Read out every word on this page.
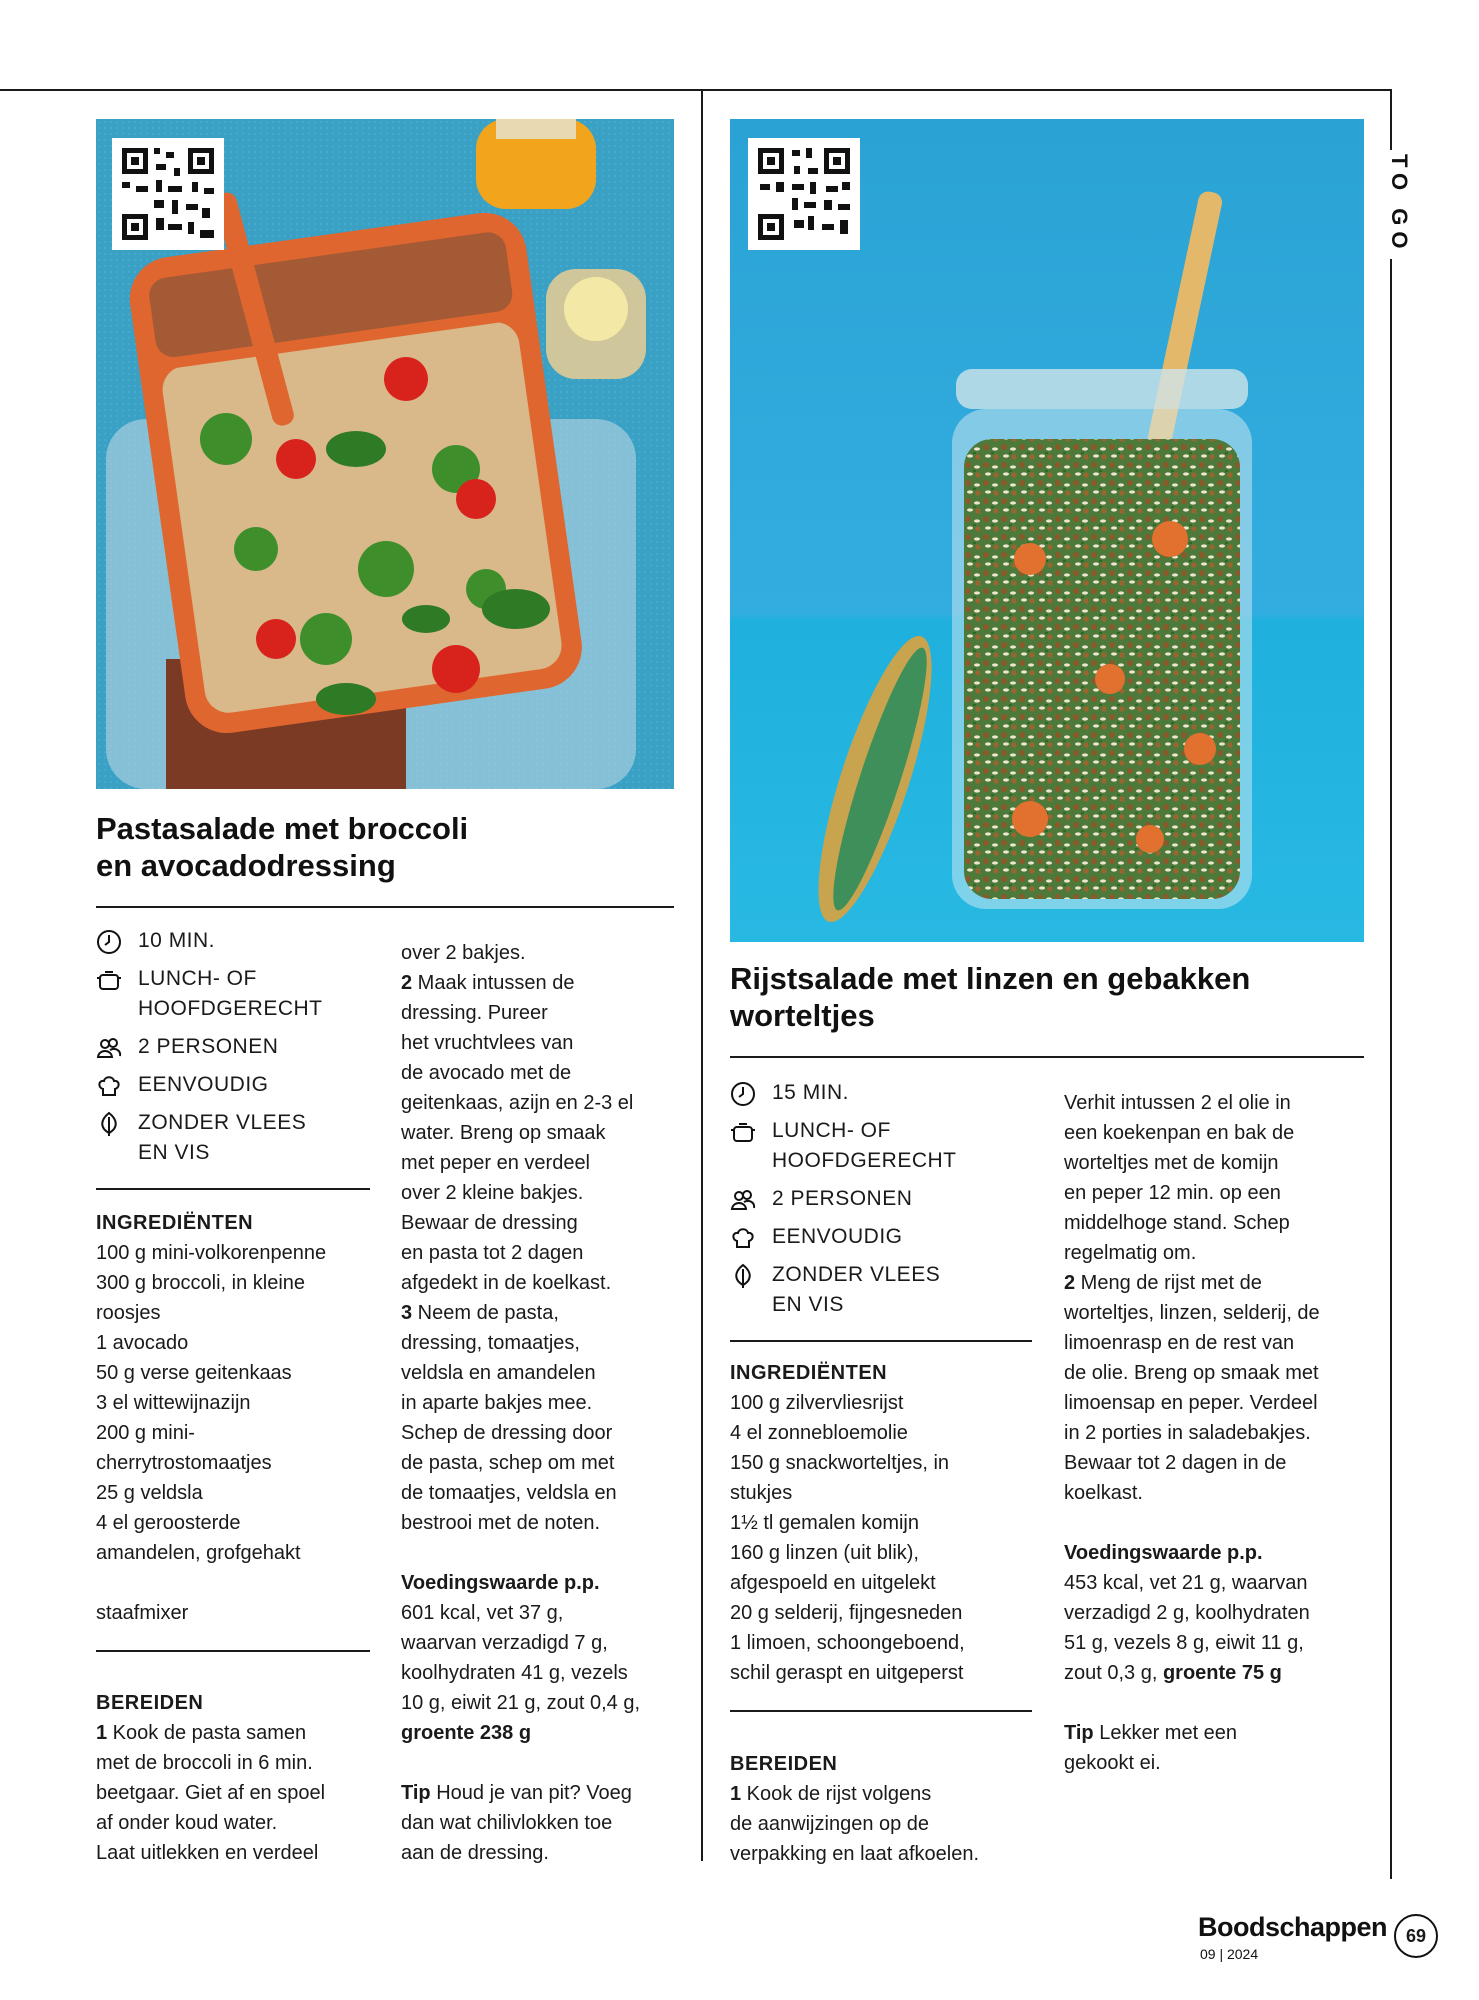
TO GO
Pastasalade met broccoli
en avocadodressing
10 MIN.
LUNCH- OF
HOOFDGERECHT
2 PERSONEN
EENVOUDIG
ZONDER VLEES
EN VIS

INGREDIËNTEN

100 g mini-volkorenpenne

300 g broccoli, in kleine

roosjes

1 avocado

50 g verse geitenkaas

3 el wittewijnazijn

200 g mini-

cherrytrostomaatjes

25 g veldsla

4 el geroosterde

amandelen, grofgehakt

staafmixer

BEREIDEN

1 Kook de pasta samen

met de broccoli in 6 min.

beetgaar. Giet af en spoel

af onder koud water.

Laat uitlekken en verdeel

over 2 bakjes.

2 Maak intussen de

dressing. Pureer

het vruchtvlees van

de avocado met de

geitenkaas, azijn en 2-3 el

water. Breng op smaak

met peper en verdeel

over 2 kleine bakjes.

Bewaar de dressing

en pasta tot 2 dagen

afgedekt in de koelkast.

3 Neem de pasta,

dressing, tomaatjes,

veldsla en amandelen

in aparte bakjes mee.

Schep de dressing door

de pasta, schep om met

de tomaatjes, veldsla en

bestrooi met de noten.

Voedingswaarde p.p.

601 kcal, vet 37 g,

waarvan verzadigd 7 g,

koolhydraten 41 g, vezels

10 g, eiwit 21 g, zout 0,4 g,

groente 238 g

Tip Houd je van pit? Voeg

dan wat chilivlokken toe

aan de dressing.

Rijstsalade met linzen en gebakken
worteltjes
15 MIN.
LUNCH- OF
HOOFDGERECHT
2 PERSONEN
EENVOUDIG
ZONDER VLEES
EN VIS

INGREDIËNTEN

100 g zilvervliesrijst

4 el zonnebloemolie

150 g snackworteltjes, in

stukjes

1½ tl gemalen komijn

160 g linzen (uit blik),

afgespoeld en uitgelekt

20 g selderij, fijngesneden

1 limoen, schoongeboend,

schil geraspt en uitgeperst

BEREIDEN

1 Kook de rijst volgens

de aanwijzingen op de

verpakking en laat afkoelen.

Verhit intussen 2 el olie in

een koekenpan en bak de

worteltjes met de komijn

en peper 12 min. op een

middelhoge stand. Schep

regelmatig om.

2 Meng de rijst met de

worteltjes, linzen, selderij, de

limoenrasp en de rest van

de olie. Breng op smaak met

limoensap en peper. Verdeel

in 2 porties in saladebakjes.

Bewaar tot 2 dagen in de

koelkast.

Voedingswaarde p.p.

453 kcal, vet 21 g, waarvan

verzadigd 2 g, koolhydraten

51 g, vezels 8 g, eiwit 11 g,

zout 0,3 g, groente 75 g

Tip Lekker met een

gekookt ei.

Boodschappen
09 | 2024
69
